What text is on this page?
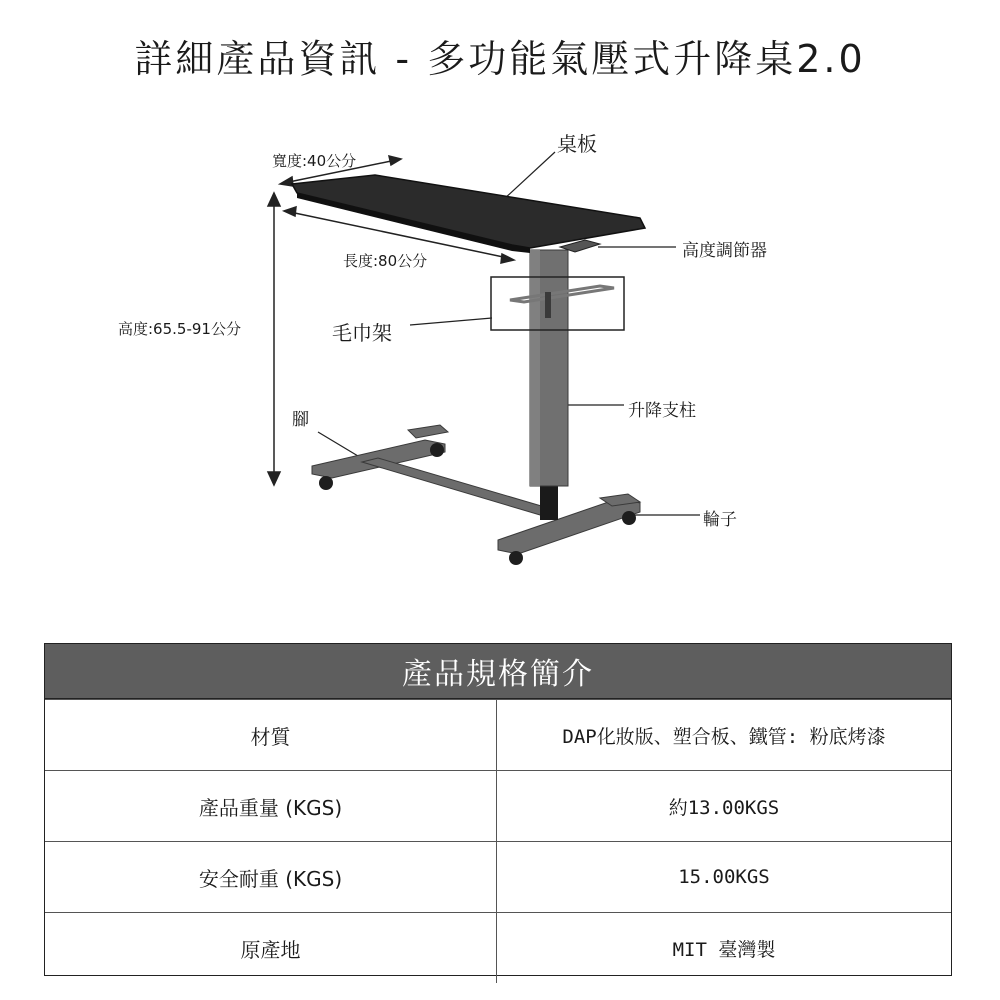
詳細產品資訊 - 多功能氣壓式升降桌2.0
寬度:40公分
長度:80公分
高度:65.5-91公分
桌板
高度調節器
毛巾架
升降支柱
腳
輪子
產品規格簡介
材質	DAP化妝版、塑合板、鐵管: 粉底烤漆
產品重量 (KGS)	約13.00KGS
安全耐重 (KGS)	15.00KGS
原產地	MIT 臺灣製
